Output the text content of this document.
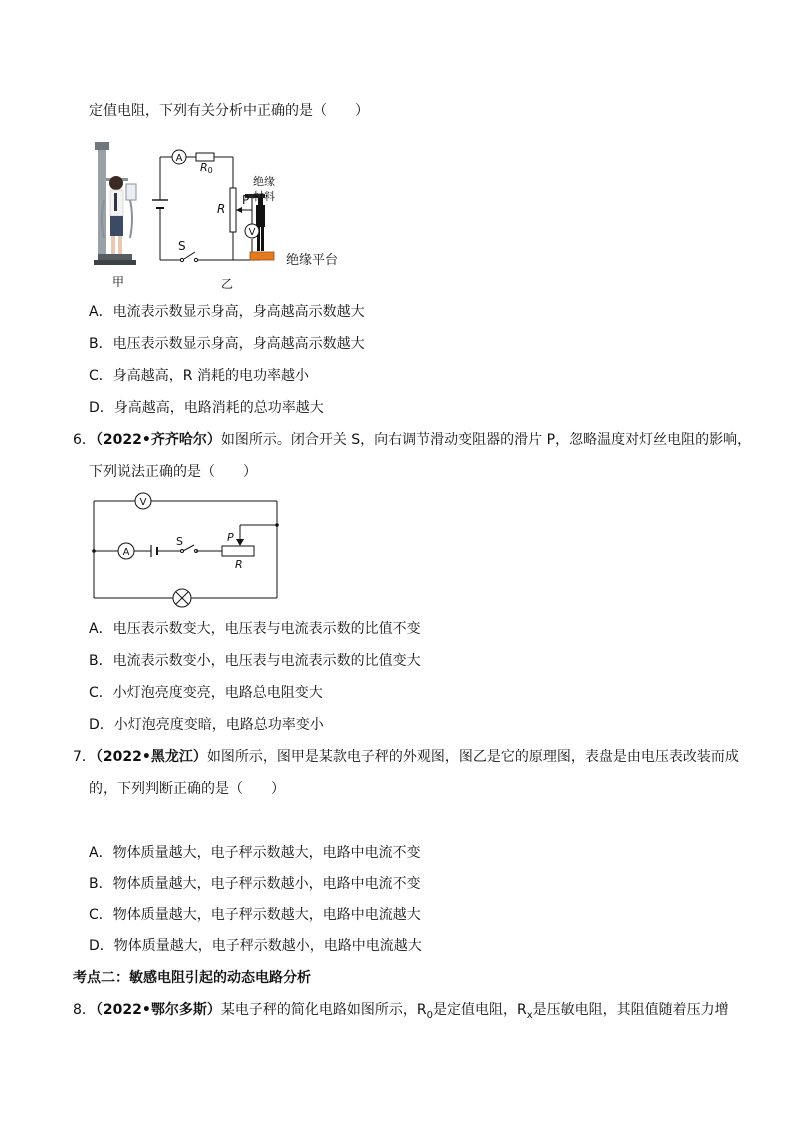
定值电阻，下列有关分析中正确的是（　　）
A
V
R0
R
P
S
绝缘
材料
绝缘平台
甲	乙
A．电流表示数显示身高，身高越高示数越大
B．电压表示数显示身高，身高越高示数越大
C．身高越高，R 消耗的电功率越小
D．身高越高，电路消耗的总功率越大
6．（2022•齐齐哈尔）如图所示。闭合开关 S，向右调节滑动变阻器的滑片 P，忽略温度对灯丝电阻的影响，
下列说法正确的是（　　）
V
A
S	P
R
A．电压表示数变大，电压表与电流表示数的比值不变
B．电流表示数变小，电压表与电流表示数的比值变大
C．小灯泡亮度变亮，电路总电阻变大
D．小灯泡亮度变暗，电路总功率变小
7．（2022•黑龙江）如图所示，图甲是某款电子秤的外观图，图乙是它的原理图，表盘是由电压表改装而成
的，下列判断正确的是（　　）
A．物体质量越大，电子秤示数越大，电路中电流不变
B．物体质量越大，电子秤示数越小，电路中电流不变
C．物体质量越大，电子秤示数越大，电路中电流越大
D．物体质量越大，电子秤示数越小，电路中电流越大
考点二：敏感电阻引起的动态电路分析
8．（2022•鄂尔多斯）某电子秤的简化电路如图所示，$R_0$是定值电阻，$R_x$是压敏电阻，其阻值随着压力增
